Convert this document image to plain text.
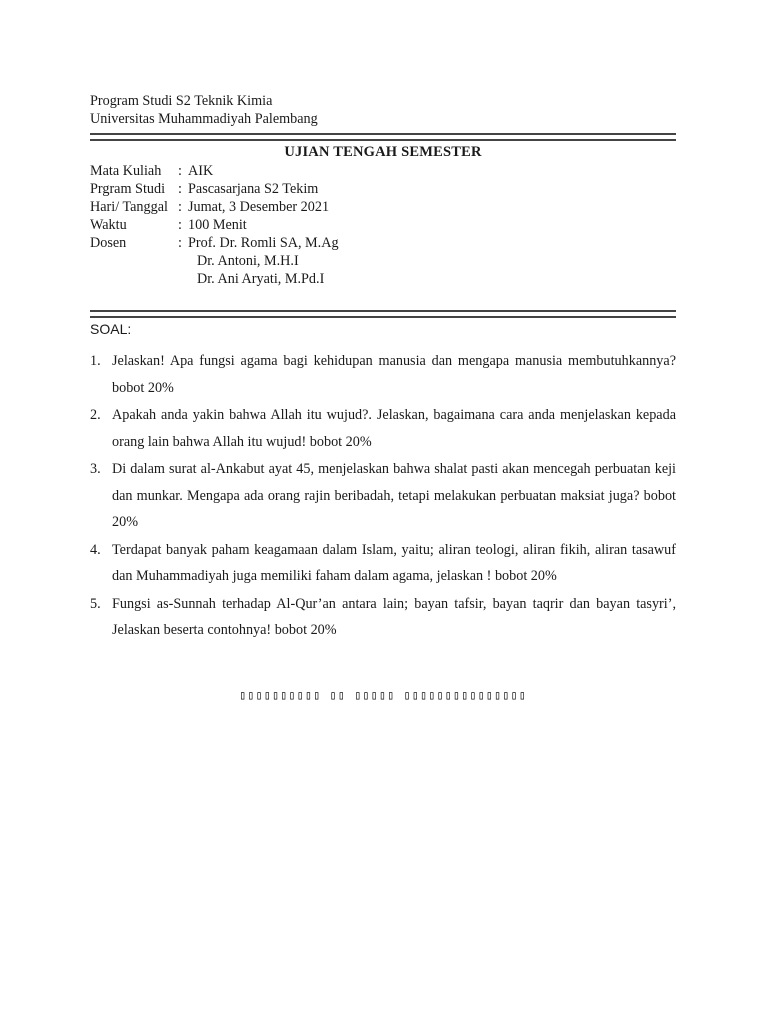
Program Studi S2 Teknik Kimia
Universitas Muhammadiyah Palembang
UJIAN TENGAH SEMESTER
Mata Kuliah	:	AIK
Prgram Studi	:	Pascasarjana S2 Tekim
Hari/ Tanggal	:	Jumat, 3 Desember 2021
Waktu	:	100 Menit
Dosen	:	Prof. Dr. Romli SA, M.Ag
Dr. Antoni, M.H.I
Dr. Ani Aryati, M.Pd.I
SOAL:
1. Jelaskan! Apa fungsi agama bagi kehidupan manusia dan mengapa manusia membutuhkannya? bobot 20%
2. Apakah anda yakin bahwa Allah itu wujud?. Jelaskan, bagaimana cara anda menjelaskan kepada orang lain bahwa Allah itu wujud! bobot 20%
3. Di dalam surat al-Ankabut ayat 45, menjelaskan bahwa shalat pasti akan mencegah perbuatan keji dan munkar. Mengapa ada orang rajin beribadah, tetapi melakukan perbuatan maksiat juga? bobot 20%
4. Terdapat banyak paham keagamaan dalam Islam, yaitu; aliran teologi, aliran fikih, aliran tasawuf dan Muhammadiyah juga memiliki faham dalam agama, jelaskan ! bobot 20%
5. Fungsi as-Sunnah terhadap Al-Qur’an antara lain; bayan tafsir, bayan taqrir dan bayan tasyri’, Jelaskan beserta contohnya! bobot 20%
▯▯▯▯▯▯▯▯▯▯ ▯▯ ▯▯▯▯▯ ▯▯▯▯▯▯▯▯▯▯▯▯▯▯▯
